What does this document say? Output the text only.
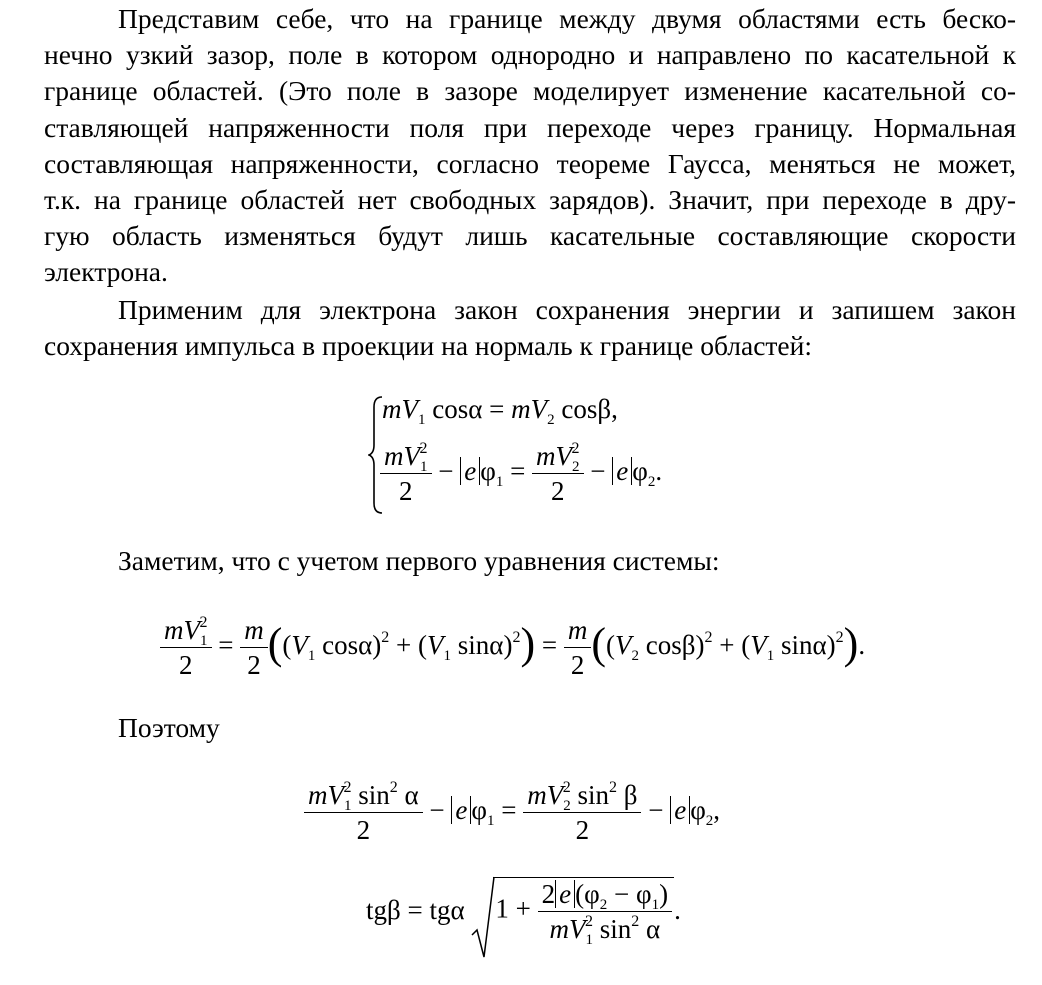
Представим себе, что на границе между двумя областями есть беско-
нечно узкий зазор, поле в котором однородно и направлено по касательной к
границе областей. (Это поле в зазоре моделирует изменение касательной со-
ставляющей напряженности поля при переходе через границу. Нормальная
составляющая напряженности, согласно теореме Гаусса, меняться не может,
т.к. на границе областей нет свободных зарядов). Значит, при переходе в дру-
гую область изменяться будут лишь касательные составляющие скорости
электрона.
Применим для электрона закон сохранения энергии и запишем закон
сохранения импульса в проекции на нормаль к границе областей:
$mV_1$ $\cos\alpha = mV_2$ cosβ,
$\frac{mV_1^2}{2} - e$ $\varphi_1 = \frac{mV_2^2}{2} - e$ $\varphi_2$.

Заметим, что с учетом первого уравнения системы:

$\frac{mV_1^2}{2} = \frac{m}{2} ((V_1$ $\cos\alpha)^2 + (V_1$ $\sin\alpha)^2) = \frac{m}{2} ((V_2$ $\cos\beta)^2 + (V_1$ sinα)$^2$).

Поэтому

$\frac{mV_1^2 \sin^2 \alpha}{2} - e$ $\varphi_1 = \frac{mV_2^2 \sin^2 \beta}{2} - e$ $\varphi_2$,
tgβ = tgα $1 + \frac{2 e (\varphi_2 - \varphi_1)}{mV_1^2 \sin^2 \alpha}$ .
